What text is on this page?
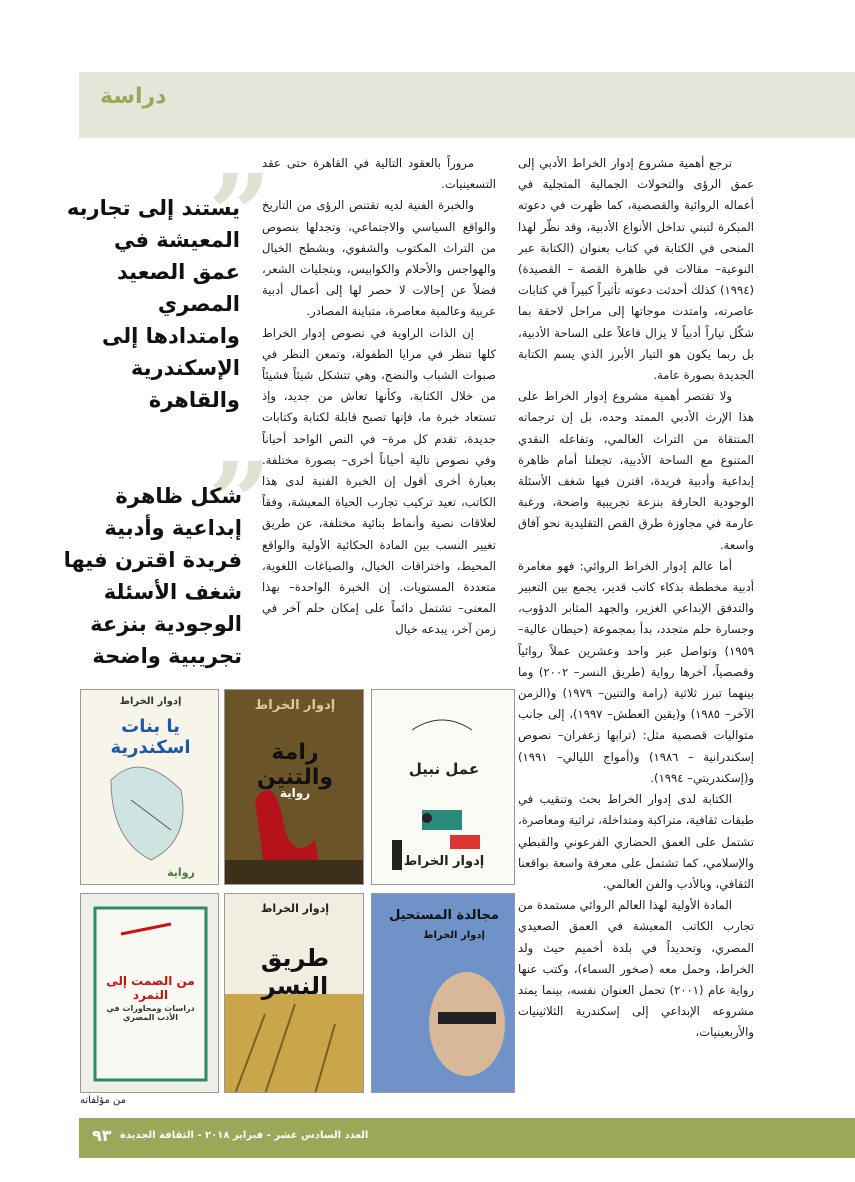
دراسة

ترجع أهمية مشروع إدوار الخراط الأدبي إلى عمق الرؤى والتحولات الجمالية المتجلية في أعماله الروائية والقصصية، كما ظهرت في دعوته المبكرة لتبني تداخل الأنواع الأدبية، وقد نظّر لهذا المنحى في الكتابة في كتاب بعنوان (الكتابة عبر النوعية– مقالات في ظاهرة القصة – القصيدة) (١٩٩٤) كذلك أحدثت دعوته تأثيراً كبيراً في كتابات عاصرته، وامتدت موجاتها إلى مراحل لاحقة بما شكّل تياراً أدبياً لا يزال فاعلاً على الساحة الأدبية، بل ربما يكون هو التيار الأبرز الذي يسم الكتابة الجديدة بصورة عامة.

ولا تقتصر أهمية مشروع إدوار الخراط على هذا الإرث الأدبي الممتد وحده، بل إن ترجماته المنتقاة من التراث العالمي، وتفاعله النقدي المتنوع مع الساحة الأدبية، تجعلنا أمام ظاهرة إبداعية وأدبية فريدة، اقترن فيها شغف الأسئلة الوجودية الحارقة بنزعة تجريبية واضحة، ورغبة عارمة في مجاوزة طرق القص التقليدية نحو آفاق واسعة.

أما عالم إدوار الخراط الروائي: فهو مغامرة أدبية مخططة بذكاء كاتب قدير، يجمع بين التعبير والتدفق الإبداعي الغزير، والجهد المثابر الدؤوب، وجسارة حلم متجدد، بدأ بمجموعة (حيطان عالية– ١٩٥٩) وتواصل عبر واحد وعشرين عملاً روائياً وقصصياً، آخرها رواية (طريق النسر– ٢٠٠٢) وما بينهما تبرز ثلاثية (رامة والتنين– ١٩٧٩) و(الزمن الآخر– ١٩٨٥) و(يقين العطش– ١٩٩٧)، إلى جانب متواليات قصصية مثل: (ترابها زعفران– نصوص إسكندرانية – ١٩٨٦) و(أمواج الليالي– ١٩٩١) و(إسكندريتي– ١٩٩٤).

الكتابة لدى إدوار الخراط بحث وتنقيب في طبقات ثقافية، متراكبة ومتداخلة، تراثية ومعاصرة، تشتمل على العمق الحضاري الفرعوني والقبطي والإسلامي، كما تشتمل على معرفة واسعة بواقعنا الثقافي، وبالأدب والفن العالمي.

المادة الأولية لهذا العالم الروائي مستمدة من تجارب الكاتب المعيشة في العمق الصعيدي المصري، وتحديداً في بلدة أخميم حيث ولد الخراط، وحمل معه (صخور السماء)، وكتب عنها رواية عام (٢٠٠١) تحمل العنوان نفسه، بينما يمتد مشروعه الإبداعي إلى إسكندرية الثلاثينيات والأربعينيات،

مروراً بالعقود التالية في القاهرة حتى عقد التسعينيات.

والخبرة الفنية لديه تقتنص الرؤى من التاريخ والواقع السياسي والاجتماعي، وتجدلها بنصوص من التراث المكتوب والشفوي، وبشطح الخيال والهواجس والأحلام والكوابيس، وبتجليات الشعر، فضلاً عن إحالات لا حصر لها إلى أعمال أدبية عربية وعالمية معاصرة، متباينة المصادر.

إن الذات الراوية في نصوص إدوار الخراط كلها تنظر في مرايا الطفولة، وتمعن النظر في صبوات الشباب والنضج، وهي تتشكل شيئاً فشيئاً من خلال الكتابة، وكأنها تعاش من جديد، وإذ تستعاد خبرة ما، فإنها تصبح قابلة لكتابة وكتابات جديدة، تقدم كل مرة– في النص الواحد أحياناً وفي نصوص تالية أحياناً أخرى– بصورة مختلفة. بعبارة أخرى أقول إن الخبرة الفنية لدى هذا الكاتب، تعيد تركيب تجارب الحياة المعيشة، وفقاً لعلاقات نصية وأنماط بنائية مختلفة، عن طريق تغيير النسب بين المادة الحكائية الأولية والواقع المحيط، واختراقات الخيال، والصياغات اللغوية، متعددة المستويات. إن الخبرة الواحدة– بهذا المعنى– تشتمل دائماً على إمكان حلم آخر في زمن آخر، يبدعه خيال

”
يستند إلى تجاربه المعيشة في عمق الصعيد المصري وامتدادها إلى الإسكندرية والقاهرة
”
شكل ظاهرة إبداعية وأدبية فريدة اقترن فيها شغف الأسئلة الوجودية بنزعة تجريبية واضحة
عمل نبيل
إدوار الخراط
إدوار الخراط
رامة والتنين
رواية
إدوار الخراط
يا بنات اسكندرية
رواية
مجالدة المستحيل
إدوار الخراط
إدوار الخراط
طريق النسر
من الصمت إلى التمرد
دراسات ومحاورات في الأدب المصري
من مؤلفاته
٩٣ العدد السادس عشر - فبراير ٢٠١٨ - الثقافة الجديدة
